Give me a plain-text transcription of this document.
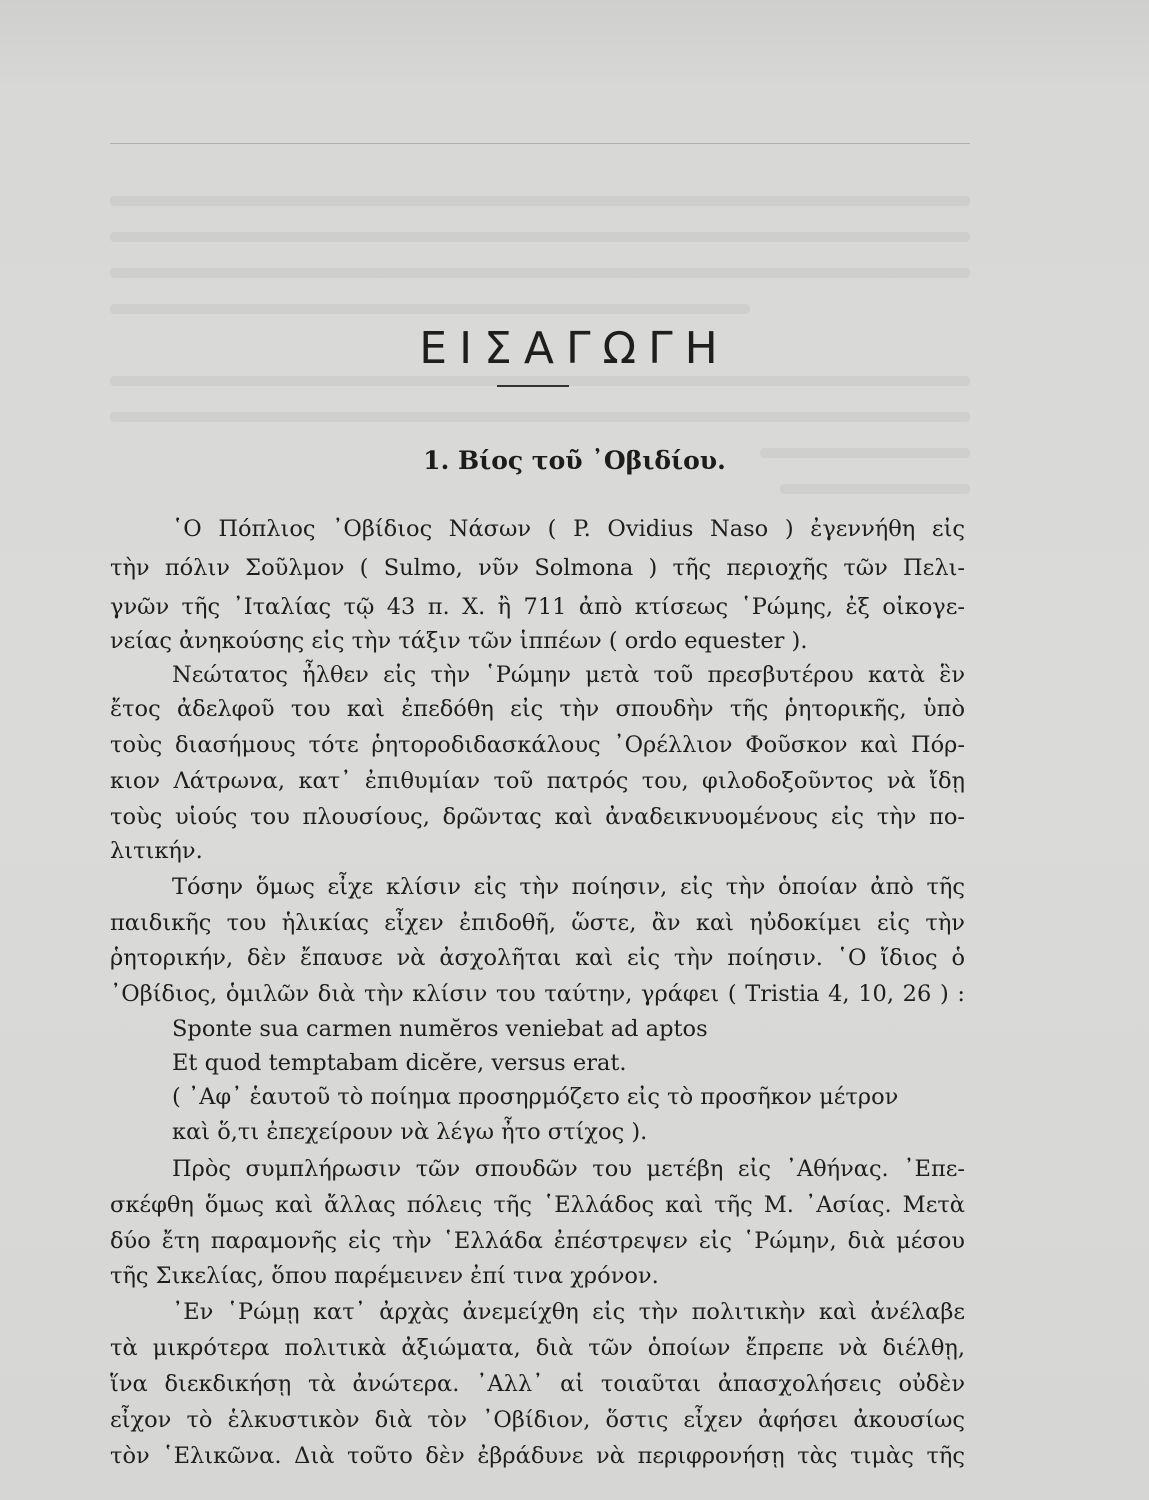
ΕΙΣΑΓΩΓΗ
1. Βίος τοῦ ᾿Οβιδίου.
῾Ο Πόπλιος ᾿Οβίδιος Νάσων ( P. Ovidius Naso ) ἐγεννήθη εἰς
τὴν πόλιν Σοῦλμον ( Sulmo, νῦν Solmona ) τῆς περιοχῆς τῶν Πελι-
γνῶν τῆς ᾿Ιταλίας τῷ 43 π. Χ. ἢ 711 ἀπὸ κτίσεως ῾Ρώμης, ἐξ οἰκογε-
νείας ἀνηκούσης εἰς τὴν τάξιν τῶν ἱππέων ( ordo equester ).
Νεώτατος ἦλθεν εἰς τὴν ῾Ρώμην μετὰ τοῦ πρεσβυτέρου κατὰ ἓν
ἔτος ἀδελφοῦ του καὶ ἐπεδόθη εἰς τὴν σπουδὴν τῆς ῥητορικῆς, ὑπὸ
τοὺς διασήμους τότε ῥητοροδιδασκάλους ᾿Ορέλλιον Φοῦσκον καὶ Πόρ-
κιον Λάτρωνα, κατ᾿ ἐπιθυμίαν τοῦ πατρός του, φιλοδοξοῦντος νὰ ἴδῃ
τοὺς υἱούς του πλουσίους, δρῶντας καὶ ἀναδεικνυομένους εἰς τὴν πο-
λιτικήν.
Τόσην ὅμως εἶχε κλίσιν εἰς τὴν ποίησιν, εἰς τὴν ὁποίαν ἀπὸ τῆς
παιδικῆς του ἡλικίας εἶχεν ἐπιδοθῆ, ὥστε, ἂν καὶ ηὐδοκίμει εἰς τὴν
ῥητορικήν, δὲν ἔπαυσε νὰ ἀσχολῆται καὶ εἰς τὴν ποίησιν. ῾Ο ἴδιος ὁ
᾿Οβίδιος, ὁμιλῶν διὰ τὴν κλίσιν του ταύτην, γράφει ( Tristia 4, 10, 26 ) :
Sponte sua carmen numĕros veniebat ad aptos
Et quod temptabam dicĕre, versus erat.
( ᾿Αφ᾿ ἑαυτοῦ τὸ ποίημα προσηρμόζετο εἰς τὸ προσῆκον μέτρον
καὶ ὅ,τι ἐπεχείρουν νὰ λέγω ἦτο στίχος ).
Πρὸς συμπλήρωσιν τῶν σπουδῶν του μετέβη εἰς ᾿Αθήνας. ᾿Επε-
σκέφθη ὅμως καὶ ἄλλας πόλεις τῆς ῾Ελλάδος καὶ τῆς Μ. ᾿Ασίας. Μετὰ
δύο ἔτη παραμονῆς εἰς τὴν ῾Ελλάδα ἐπέστρεψεν εἰς ῾Ρώμην, διὰ μέσου
τῆς Σικελίας, ὅπου παρέμεινεν ἐπί τινα χρόνον.
᾿Εν ῾Ρώμῃ κατ᾿ ἀρχὰς ἀνεμείχθη εἰς τὴν πολιτικὴν καὶ ἀνέλαβε
τὰ μικρότερα πολιτικὰ ἀξιώματα, διὰ τῶν ὁποίων ἔπρεπε νὰ διέλθῃ,
ἵνα διεκδικήσῃ τὰ ἀνώτερα. ᾿Αλλ᾿ αἱ τοιαῦται ἀπασχολήσεις οὐδὲν
εἶχον τὸ ἑλκυστικὸν διὰ τὸν ᾿Οβίδιον, ὅστις εἶχεν ἀφήσει ἀκουσίως
τὸν ῾Ελικῶνα. Διὰ τοῦτο δὲν ἐβράδυνε νὰ περιφρονήσῃ τὰς τιμὰς τῆς
